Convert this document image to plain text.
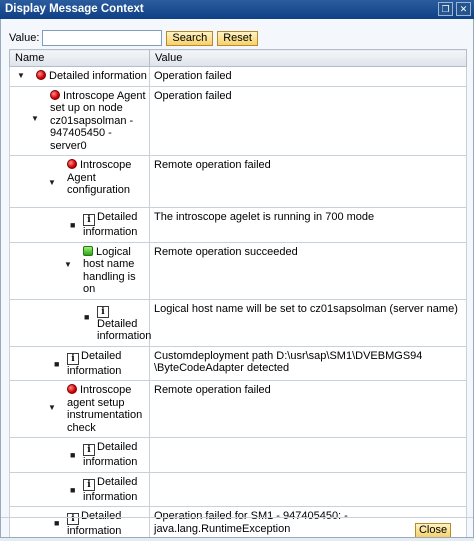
Display Message Context	❐	✕
Value:	Search	Reset
Name	Value

▼ Detailed information	Operation failed

▼
Introscope Agent set up on node cz01sapsolman - 947405450 - server0	Operation failed

▼
Introscope Agent configuration	Remote operation failed

■ i Detailed information	The introscope agelet is running in 700 mode

▼
Logical host name handling is on	Remote operation succeeded

■ iDetailed information	Logical host name will be set to cz01sapsolman (server name)

■ i Detailed information	Customdeployment path D:\usr\sap\SM1\DVEBMGS94 \ByteCodeAdapter detected

▼
Introscope agent setup instrumentation check	Remote operation failed

■ i Detailed information	

■ i Detailed information	

■ i Detailed information	Operation failed for SM1 - 947405450: - java.lang.RuntimeException	Close
